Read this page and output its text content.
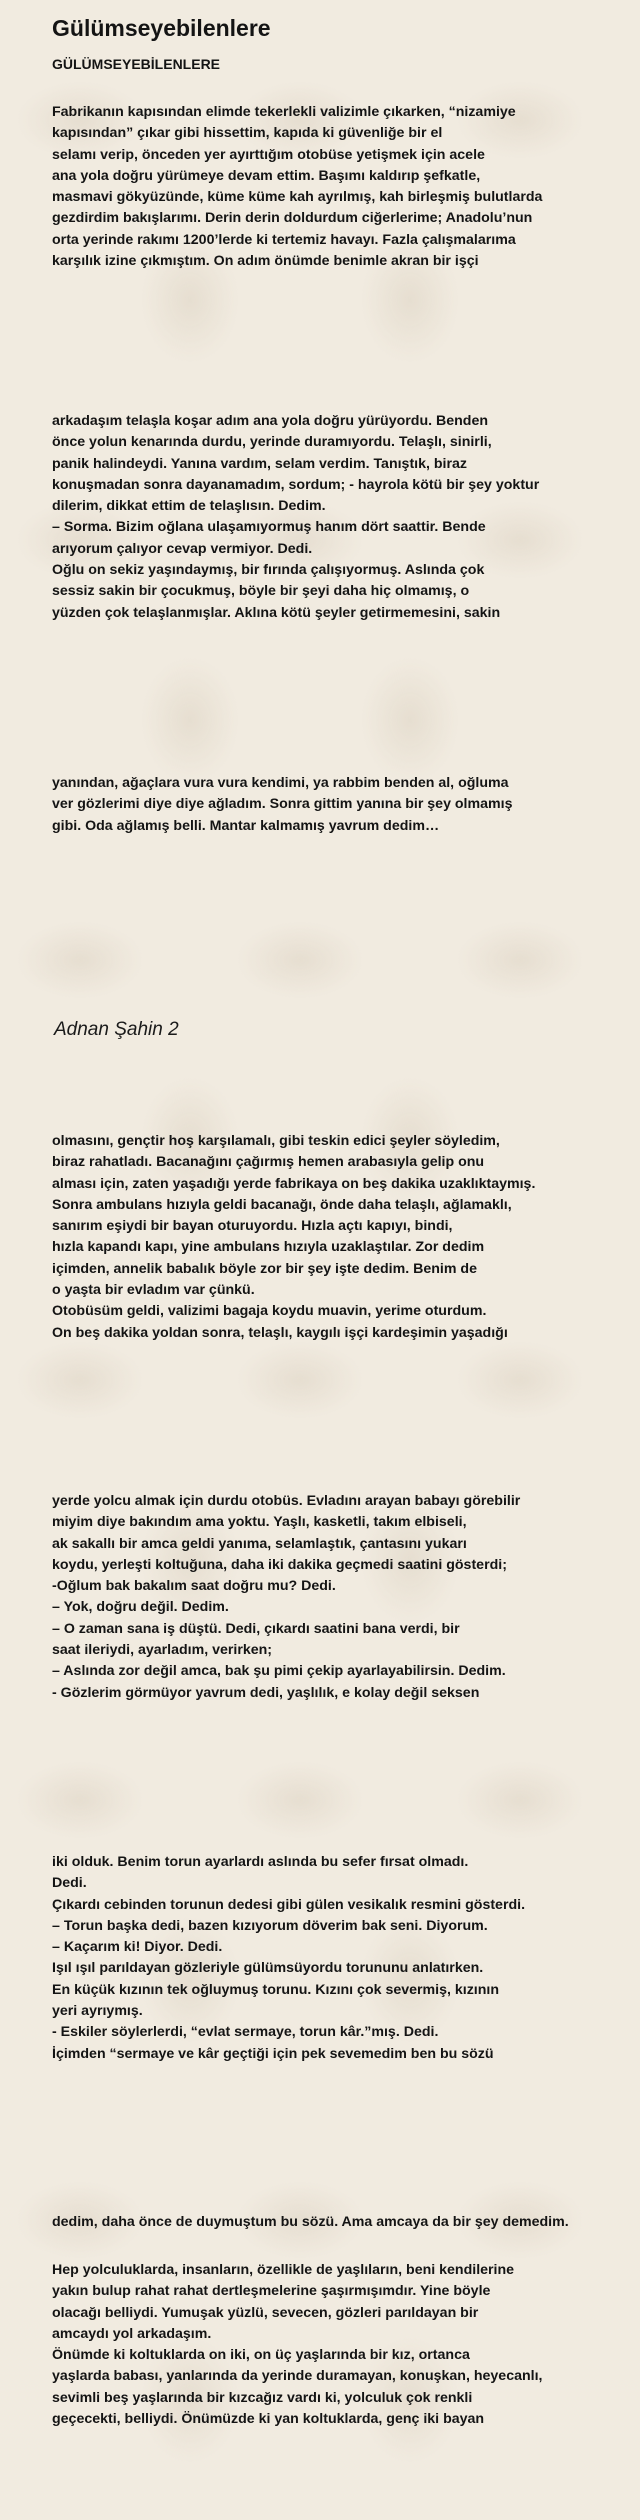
Gülümseyebilenlere
GÜLÜMSEYEBİLENLERE
Fabrikanın kapısından elimde tekerlekli valizimle çıkarken, “nizamiye
kapısından” çıkar gibi hissettim, kapıda ki güvenliğe bir el
selamı verip, önceden yer ayırttığım otobüse yetişmek için acele
ana yola doğru yürümeye devam ettim. Başımı kaldırıp şefkatle,
masmavi gökyüzünde, küme küme kah ayrılmış, kah birleşmiş bulutlarda
gezdirdim bakışlarımı. Derin derin doldurdum ciğerlerime; Anadolu’nun
orta yerinde rakımı 1200’lerde ki tertemiz havayı. Fazla çalışmalarıma
karşılık izine çıkmıştım. On adım önümde benimle akran bir işçi
arkadaşım telaşla koşar adım ana yola doğru yürüyordu. Benden
önce yolun kenarında durdu, yerinde duramıyordu. Telaşlı, sinirli,
panik halindeydi. Yanına vardım, selam verdim. Tanıştık, biraz
konuşmadan sonra dayanamadım, sordum; - hayrola kötü bir şey yoktur
dilerim, dikkat ettim de telaşlısın. Dedim.
– Sorma. Bizim oğlana ulaşamıyormuş hanım dört saattir. Bende
arıyorum çalıyor cevap vermiyor. Dedi.
Oğlu on sekiz yaşındaymış, bir fırında çalışıyormuş. Aslında çok
sessiz sakin bir çocukmuş, böyle bir şeyi daha hiç olmamış, o
yüzden çok telaşlanmışlar. Aklına kötü şeyler getirmemesini, sakin
yanından, ağaçlara vura vura kendimi, ya rabbim benden al, oğluma
ver gözlerimi diye diye ağladım. Sonra gittim yanına bir şey olmamış
gibi. Oda ağlamış belli. Mantar kalmamış yavrum dedim…

Adnan Şahin 2

olmasını, gençtir hoş karşılamalı, gibi teskin edici şeyler söyledim,
biraz rahatladı. Bacanağını çağırmış hemen arabasıyla gelip onu
alması için, zaten yaşadığı yerde fabrikaya on beş dakika uzaklıktaymış.
Sonra ambulans hızıyla geldi bacanağı, önde daha telaşlı, ağlamaklı,
sanırım eşiydi bir bayan oturuyordu. Hızla açtı kapıyı, bindi,
hızla kapandı kapı, yine ambulans hızıyla uzaklaştılar. Zor dedim
içimden, annelik babalık böyle zor bir şey işte dedim. Benim de
o yaşta bir evladım var çünkü.
Otobüsüm geldi, valizimi bagaja koydu muavin, yerime oturdum.
On beş dakika yoldan sonra, telaşlı, kaygılı işçi kardeşimin yaşadığı
yerde yolcu almak için durdu otobüs. Evladını arayan babayı görebilir
miyim diye bakındım ama yoktu. Yaşlı, kasketli, takım elbiseli,
ak sakallı bir amca geldi yanıma, selamlaştık, çantasını yukarı
koydu, yerleşti koltuğuna, daha iki dakika geçmedi saatini gösterdi;
-Oğlum bak bakalım saat doğru mu? Dedi.
– Yok, doğru değil. Dedim.
– O zaman sana iş düştü. Dedi, çıkardı saatini bana verdi, bir
saat ileriydi, ayarladım, verirken;
– Aslında zor değil amca, bak şu pimi çekip ayarlayabilirsin. Dedim.
- Gözlerim görmüyor yavrum dedi, yaşlılık, e kolay değil seksen
iki olduk. Benim torun ayarlardı aslında bu sefer fırsat olmadı.
Dedi.
Çıkardı cebinden torunun dedesi gibi gülen vesikalık resmini gösterdi.
– Torun başka dedi, bazen kızıyorum döverim bak seni. Diyorum.
– Kaçarım ki! Diyor. Dedi.
Işıl ışıl parıldayan gözleriyle gülümsüyordu torununu anlatırken.
En küçük kızının tek oğluymuş torunu. Kızını çok severmiş, kızının
yeri ayrıymış.
- Eskiler söylerlerdi, “evlat sermaye, torun kâr.”mış. Dedi.
İçimden “sermaye ve kâr geçtiği için pek sevemedim ben bu sözü
dedim, daha önce de duymuştum bu sözü. Ama amcaya da bir şey demedim.
Hep yolculuklarda, insanların, özellikle de yaşlıların, beni kendilerine
yakın bulup rahat rahat dertleşmelerine şaşırmışımdır. Yine böyle
olacağı belliydi. Yumuşak yüzlü, sevecen, gözleri parıldayan bir
amcaydı yol arkadaşım.
Önümde ki koltuklarda on iki, on üç yaşlarında bir kız, ortanca
yaşlarda babası, yanlarında da yerinde duramayan, konuşkan, heyecanlı,
sevimli beş yaşlarında bir kızcağız vardı ki, yolculuk çok renkli
geçecekti, belliydi. Önümüzde ki yan koltuklarda, genç iki bayan
